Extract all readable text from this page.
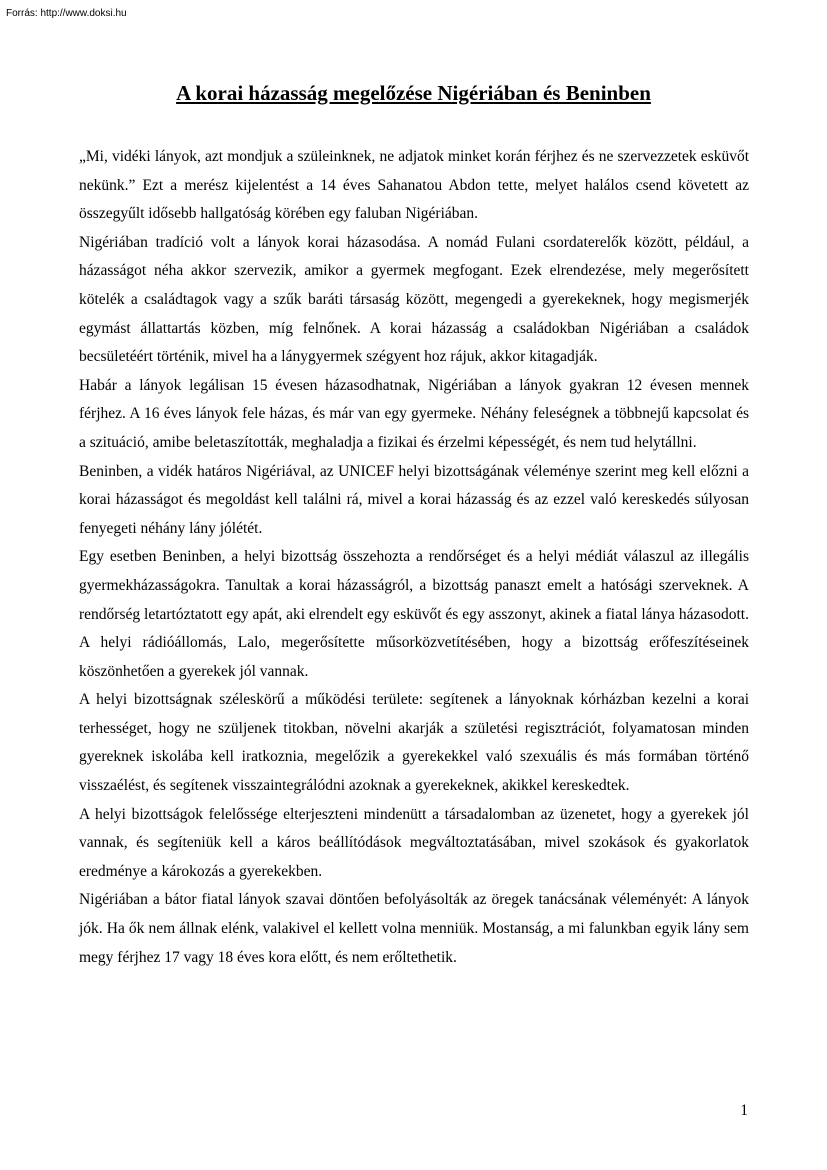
Forrás: http://www.doksi.hu
A korai házasság megelőzése Nigériában és Beninben

„Mi, vidéki lányok, azt mondjuk a szüleinknek, ne adjatok minket korán férjhez és ne szervezzetek esküvőt nekünk.” Ezt a merész kijelentést a 14 éves Sahanatou Abdon tette, melyet halálos csend követett az összegyűlt idősebb hallgatóság körében egy faluban Nigériában.

Nigériában tradíció volt a lányok korai házasodása. A nomád Fulani csordaterelők között, például, a házasságot néha akkor szervezik, amikor a gyermek megfogant. Ezek elrendezése, mely megerősített kötelék a családtagok vagy a szűk baráti társaság között, megengedi a gyerekeknek, hogy megismerjék egymást állattartás közben, míg felnőnek. A korai házasság a családokban Nigériában a családok becsületéért történik, mivel ha a lánygyermek szégyent hoz rájuk, akkor kitagadják.

Habár a lányok legálisan 15 évesen házasodhatnak, Nigériában a lányok gyakran 12 évesen mennek férjhez. A 16 éves lányok fele házas, és már van egy gyermeke. Néhány feleségnek a többnejű kapcsolat és a szituáció, amibe beletaszították, meghaladja a fizikai és érzelmi képességét, és nem tud helytállni.

Beninben, a vidék határos Nigériával, az UNICEF helyi bizottságának véleménye szerint meg kell előzni a korai házasságot és megoldást kell találni rá, mivel a korai házasság és az ezzel való kereskedés súlyosan fenyegeti néhány lány jólétét.

Egy esetben Beninben, a helyi bizottság összehozta a rendőrséget és a helyi médiát válaszul az illegális gyermekházasságokra. Tanultak a korai házasságról, a bizottság panaszt emelt a hatósági szerveknek. A rendőrség letartóztatott egy apát, aki elrendelt egy esküvőt és egy asszonyt, akinek a fiatal lánya házasodott. A helyi rádióállomás, Lalo, megerősítette műsorközvetítésében, hogy a bizottság erőfeszítéseinek köszönhetően a gyerekek jól vannak.

A helyi bizottságnak széleskörű a működési területe: segítenek a lányoknak kórházban kezelni a korai terhességet, hogy ne szüljenek titokban, növelni akarják a születési regisztrációt, folyamatosan minden gyereknek iskolába kell iratkoznia, megelőzik a gyerekekkel való szexuális és más formában történő visszaélést, és segítenek visszaintegrálódni azoknak a gyerekeknek, akikkel kereskedtek.

A helyi bizottságok felelőssége elterjeszteni mindenütt a társadalomban az üzenetet, hogy a gyerekek jól vannak, és segíteniük kell a káros beállítódások megváltoztatásában, mivel szokások és gyakorlatok eredménye a károkozás a gyerekekben.

Nigériában a bátor fiatal lányok szavai döntően befolyásolták az öregek tanácsának véleményét: A lányok jók. Ha ők nem állnak elénk, valakivel el kellett volna menniük. Mostanság, a mi falunkban egyik lány sem megy férjhez 17 vagy 18 éves kora előtt, és nem erőltethetik.

1
